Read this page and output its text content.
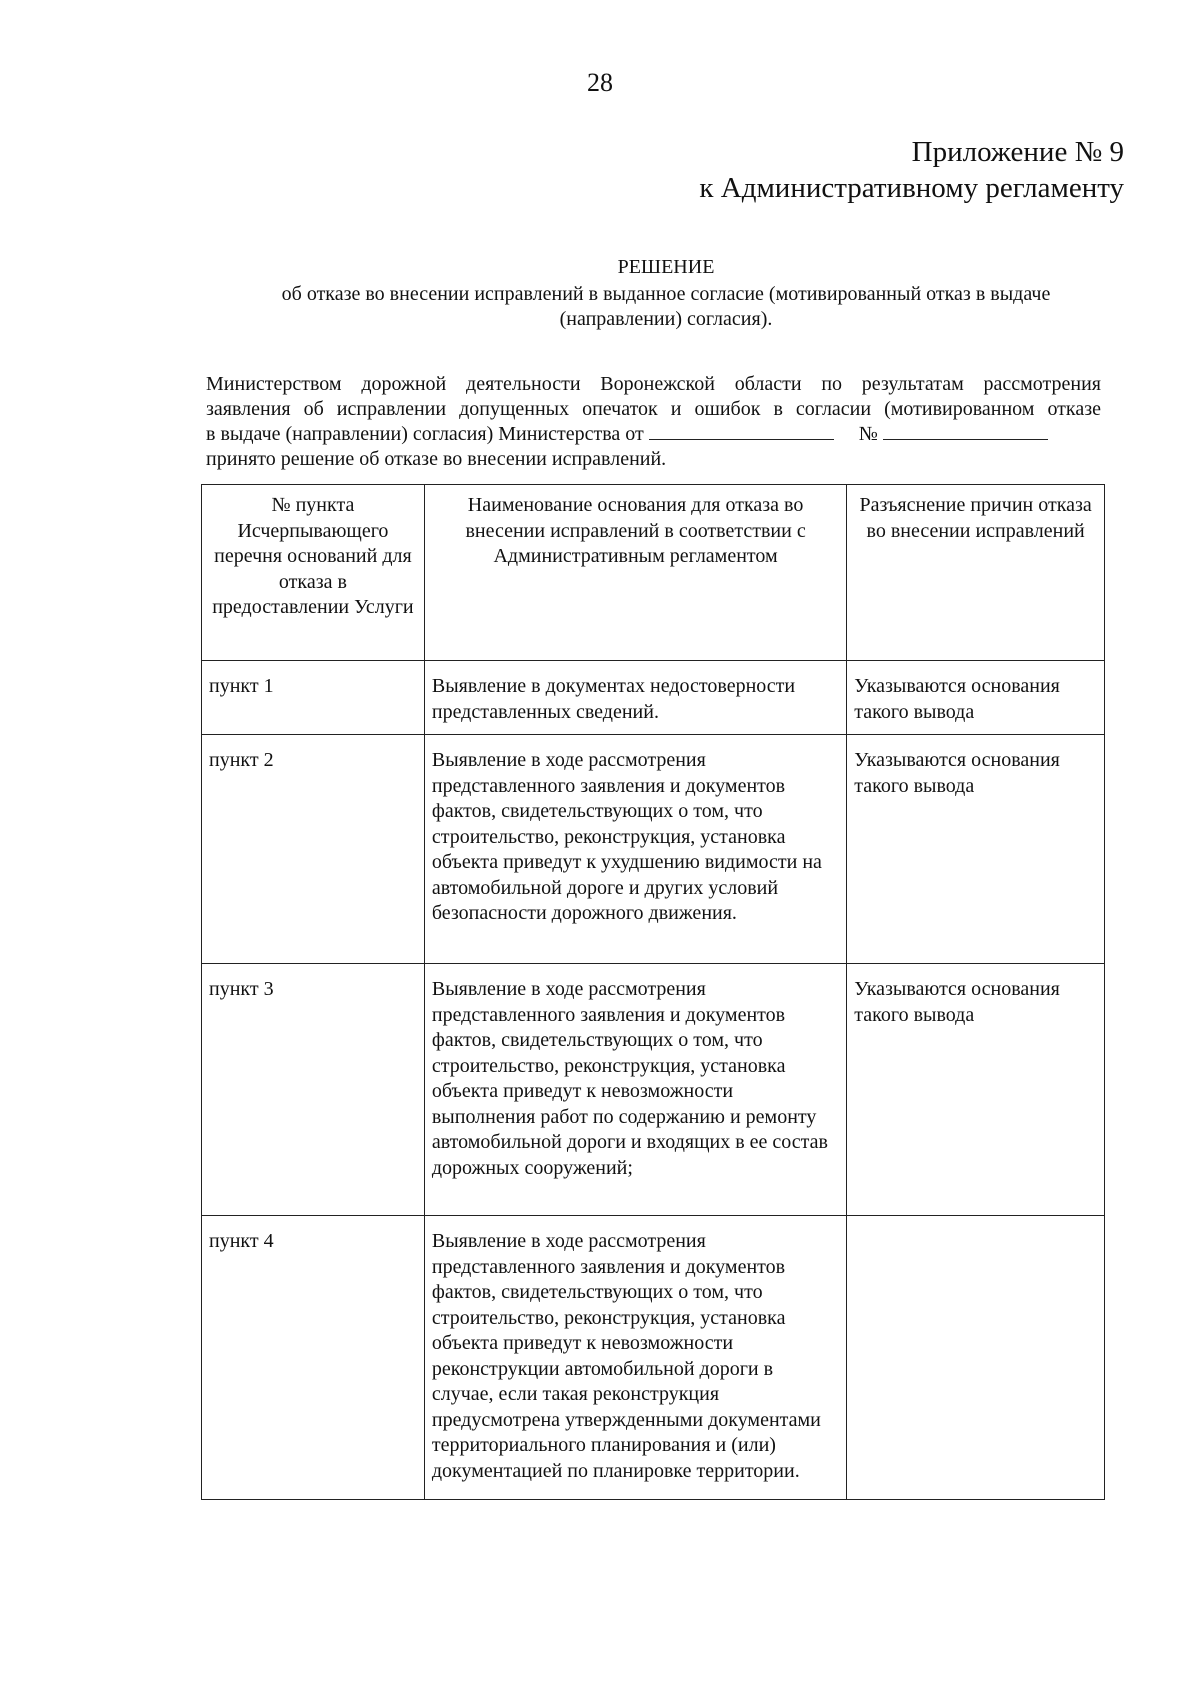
28
Приложение № 9
к Административному регламенту
РЕШЕНИЕ
об отказе во внесении исправлений в выданное согласие (мотивированный отказ в выдаче (направлении) согласия).
Министерством дорожной деятельности Воронежской области по результатам рассмотрения
заявления об исправлении допущенных опечаток и ошибок в согласии (мотивированном отказе
в выдаче (направлении) согласия) Министерства от	№
принято решение об отказе во внесении исправлений.
№ пункта Исчерпывающего перечня оснований для отказа в предоставлении Услуги	Наименование основания для отказа во внесении исправлений в соответствии с Административным регламентом	Разъяснение причин отказа во внесении исправлений
пункт 1	Выявление в документах недостоверности представленных сведений.	Указываются основания такого вывода
пункт 2	Выявление в ходе рассмотрения представленного заявления и документов фактов, свидетельствующих о том, что строительство, реконструкция, установка объекта приведут к ухудшению видимости на автомобильной дороге и других условий безопасности дорожного движения.	Указываются основания такого вывода
пункт 3	Выявление в ходе рассмотрения представленного заявления и документов фактов, свидетельствующих о том, что строительство, реконструкция, установка объекта приведут к невозможности выполнения работ по содержанию и ремонту автомобильной дороги и входящих в ее состав дорожных сооружений;	Указываются основания такого вывода
пункт 4	Выявление в ходе рассмотрения представленного заявления и документов фактов, свидетельствующих о том, что строительство, реконструкция, установка объекта приведут к невозможности реконструкции автомобильной дороги в случае, если такая реконструкция предусмотрена утвержденными документами территориального планирования и (или) документацией по планировке территории.	
